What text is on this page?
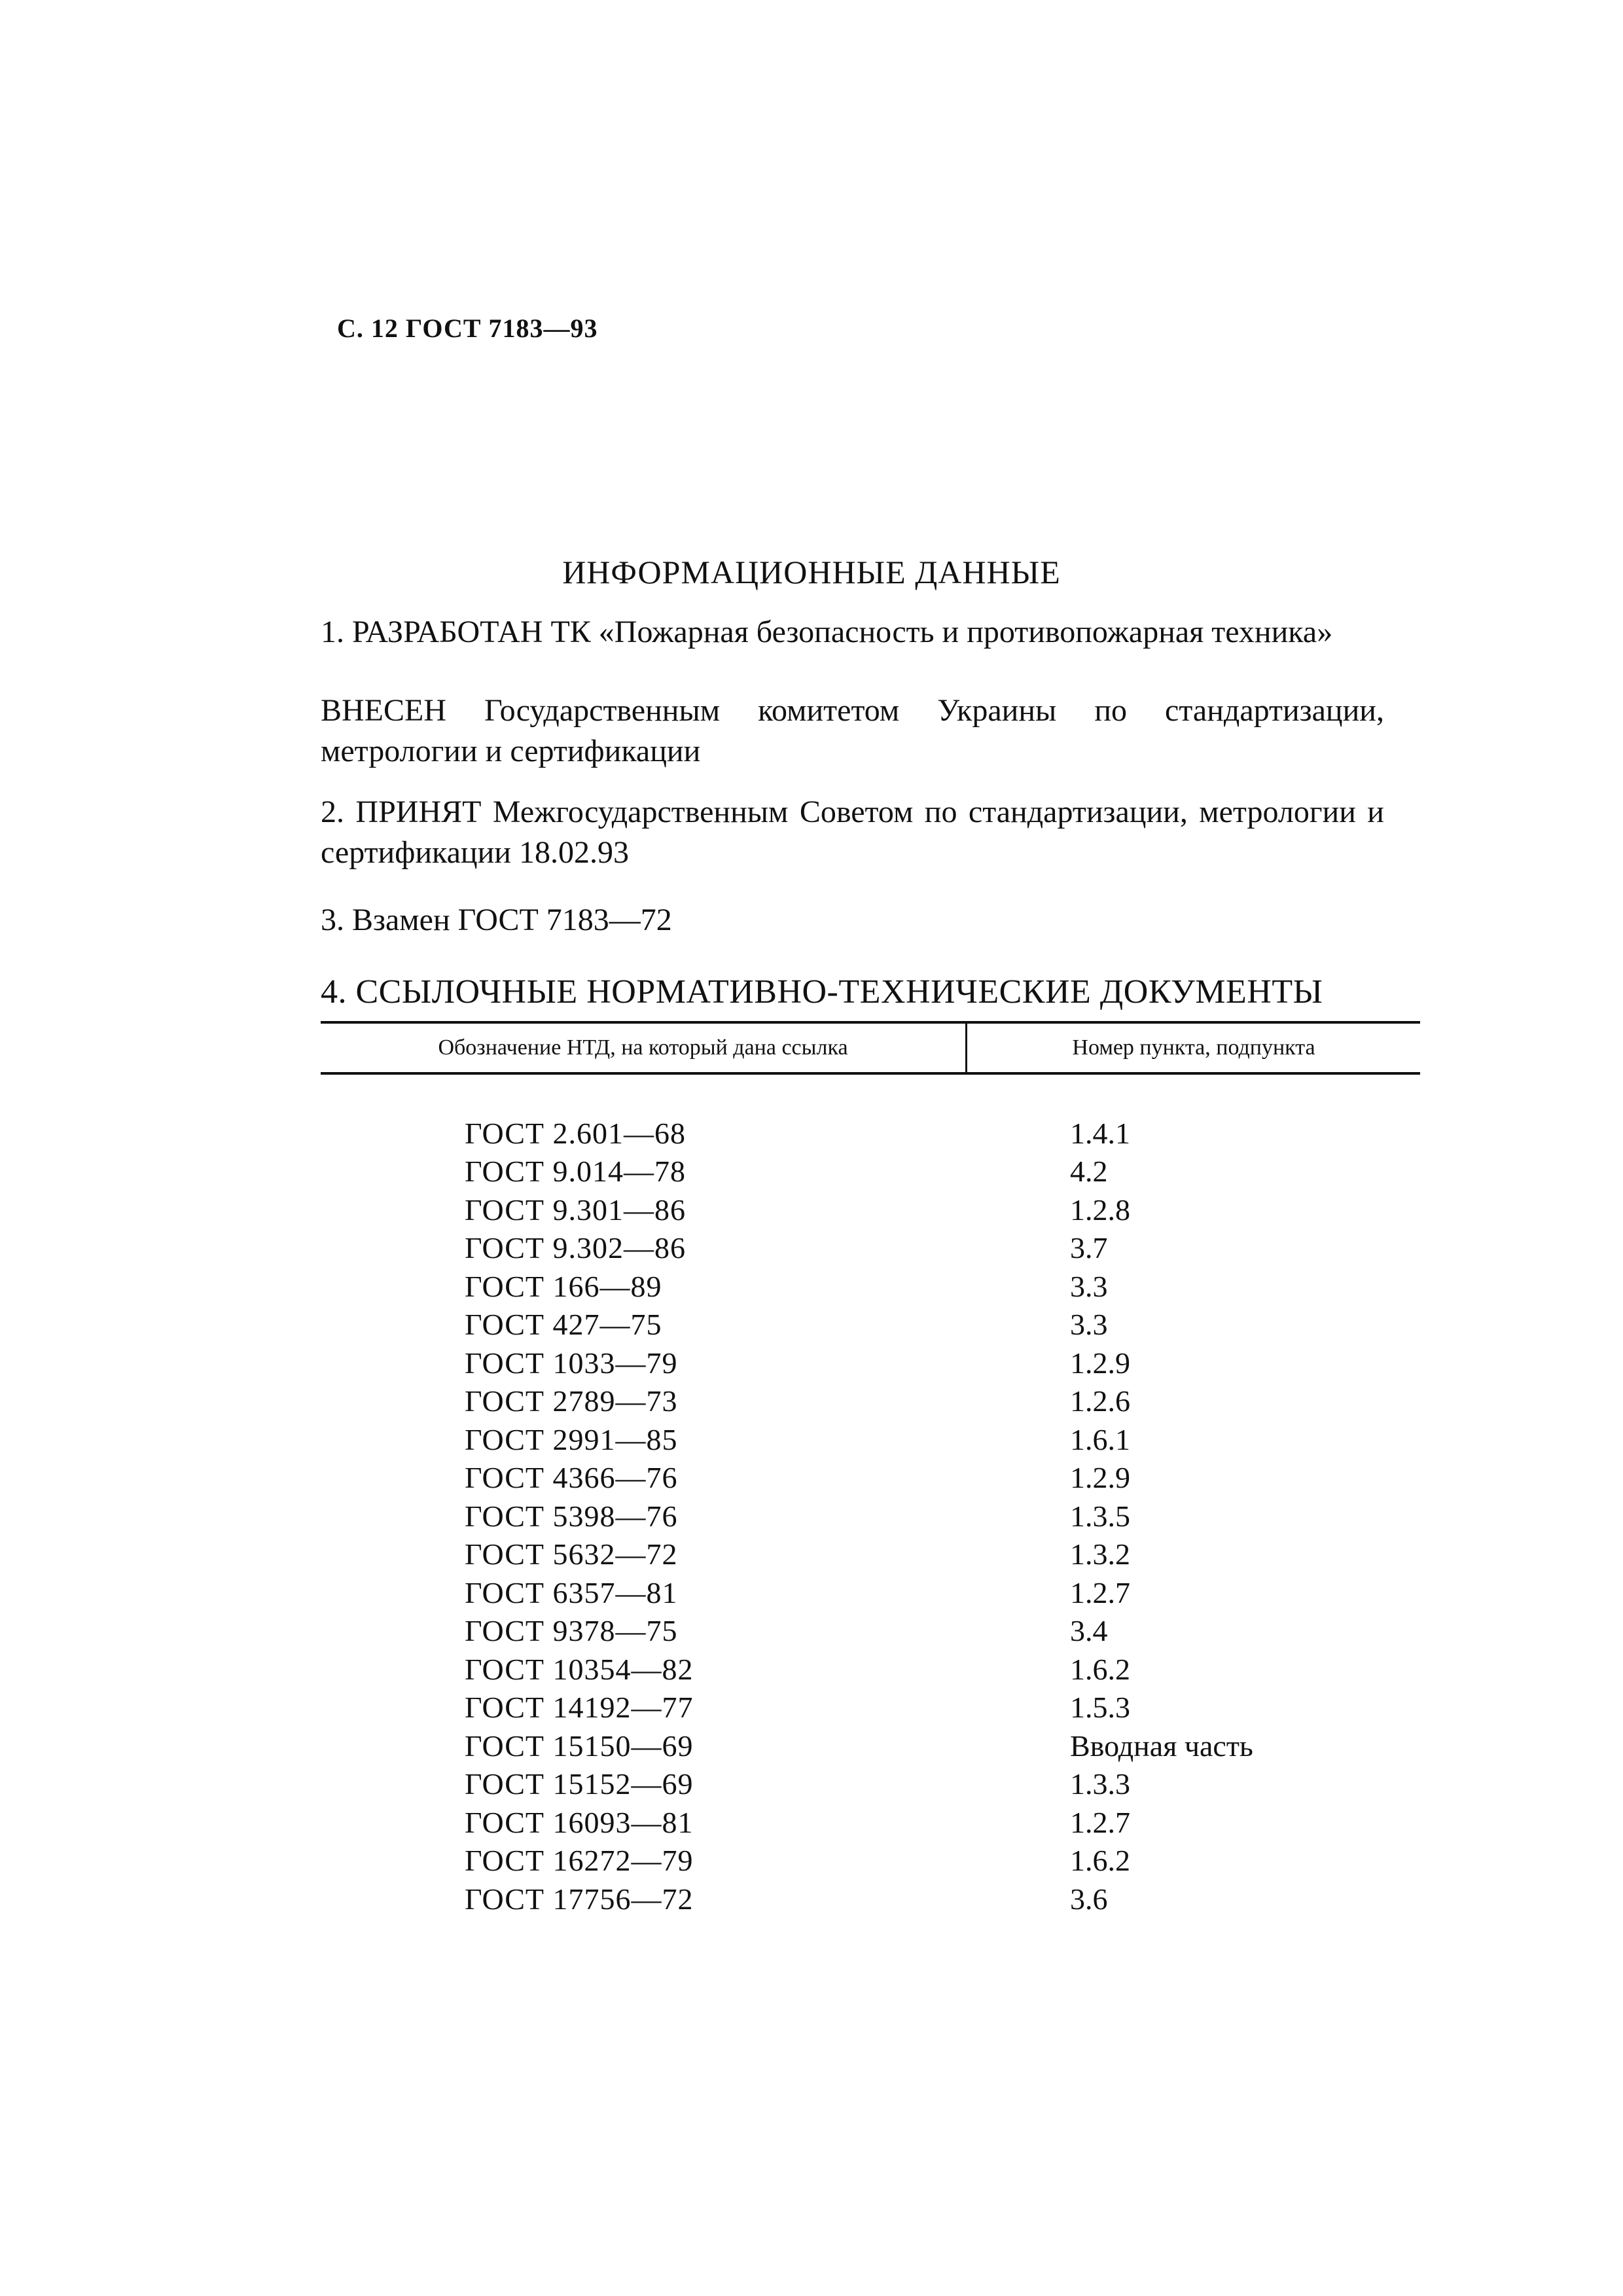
С. 12 ГОСТ 7183—93
ИНФОРМАЦИОННЫЕ ДАННЫЕ
1. РАЗРАБОТАН ТК «Пожарная безопасность и противопожарная техника»
ВНЕСЕН Государственным комитетом Украины по стандартизации, метрологии и сертификации
2. ПРИНЯТ Межгосударственным Советом по стандартизации, метрологии и сертификации 18.02.93
3. Взамен ГОСТ 7183—72
4. ССЫЛОЧНЫЕ НОРМАТИВНО-ТЕХНИЧЕСКИЕ ДОКУМЕНТЫ
Обозначение НТД, на который дана ссылка	Номер пункта, подпункта
ГОСТ 2.601—68	1.4.1
ГОСТ 9.014—78	4.2
ГОСТ 9.301—86	1.2.8
ГОСТ 9.302—86	3.7
ГОСТ 166—89	3.3
ГОСТ 427—75	3.3
ГОСТ 1033—79	1.2.9
ГОСТ 2789—73	1.2.6
ГОСТ 2991—85	1.6.1
ГОСТ 4366—76	1.2.9
ГОСТ 5398—76	1.3.5
ГОСТ 5632—72	1.3.2
ГОСТ 6357—81	1.2.7
ГОСТ 9378—75	3.4
ГОСТ 10354—82	1.6.2
ГОСТ 14192—77	1.5.3
ГОСТ 15150—69	Вводная часть
ГОСТ 15152—69	1.3.3
ГОСТ 16093—81	1.2.7
ГОСТ 16272—79	1.6.2
ГОСТ 17756—72	3.6
